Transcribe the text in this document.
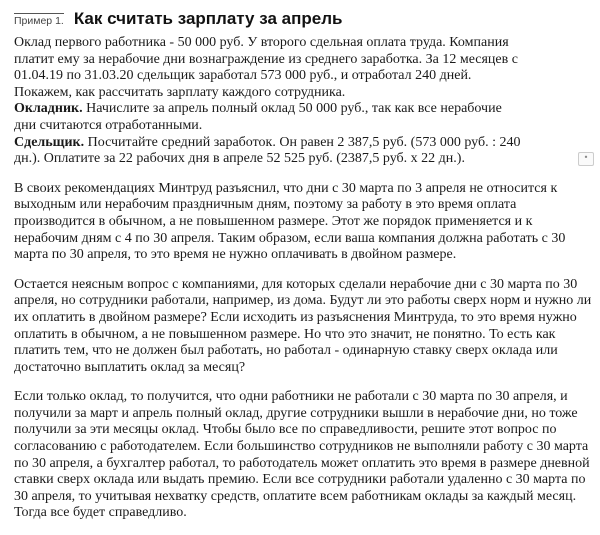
Пример 1. Как считать зарплату за апрель
Оклад первого работника - 50 000 руб. У второго сдельная оплата труда. Компания
платит ему за нерабочие дни вознаграждение из среднего заработка. За 12 месяцев с
01.04.19 по 31.03.20 сдельщик заработал 573 000 руб., и отработал 240 дней.
Покажем, как рассчитать зарплату каждого сотрудника.
Окладник. Начислите за апрель полный оклад 50 000 руб., так как все нерабочие
дни считаются отработанными.
Сдельщик. Посчитайте средний заработок. Он равен 2 387,5 руб. (573 000 руб. : 240
дн.). Оплатите за 22 рабочих дня в апреле 52 525 руб. (2387,5 руб. х 22 дн.).
В своих рекомендациях Минтруд разъяснил, что дни с 30 марта по 3 апреля не относится к
выходным или нерабочим праздничным дням, поэтому за работу в это время оплата
производится в обычном, а не повышенном размере. Этот же порядок применяется и к
нерабочим дням с 4 по 30 апреля. Таким образом, если ваша компания должна работать с 30
марта по 30 апреля, то это время не нужно оплачивать в двойном размере.
Остается неясным вопрос с компаниями, для которых сделали нерабочие дни с 30 марта по 30
апреля, но сотрудники работали, например, из дома. Будут ли это работы сверх норм и нужно ли
их оплатить в двойном размере? Если исходить из разъяснения Минтруда, то это время нужно
оплатить в обычном, а не повышенном размере. Но что это значит, не понятно. То есть как
платить тем, что не должен был работать, но работал - одинарную ставку сверх оклада или
достаточно выплатить оклад за месяц?
Если только оклад, то получится, что одни работники не работали с 30 марта по 30 апреля, и
получили за март и апрель полный оклад, другие сотрудники вышли в нерабочие дни, но тоже
получили за эти месяцы оклад. Чтобы было все по справедливости, решите этот вопрос по
согласованию с работодателем. Если большинство сотрудников не выполняли работу с 30 марта
по 30 апреля, а бухгалтер работал, то работодатель может оплатить это время в размере дневной
ставки сверх оклада или выдать премию. Если все сотрудники работали удаленно с 30 марта по
30 апреля, то учитывая нехватку средств, оплатите всем работникам оклады за каждый месяц.
Тогда все будет справедливо.
•
